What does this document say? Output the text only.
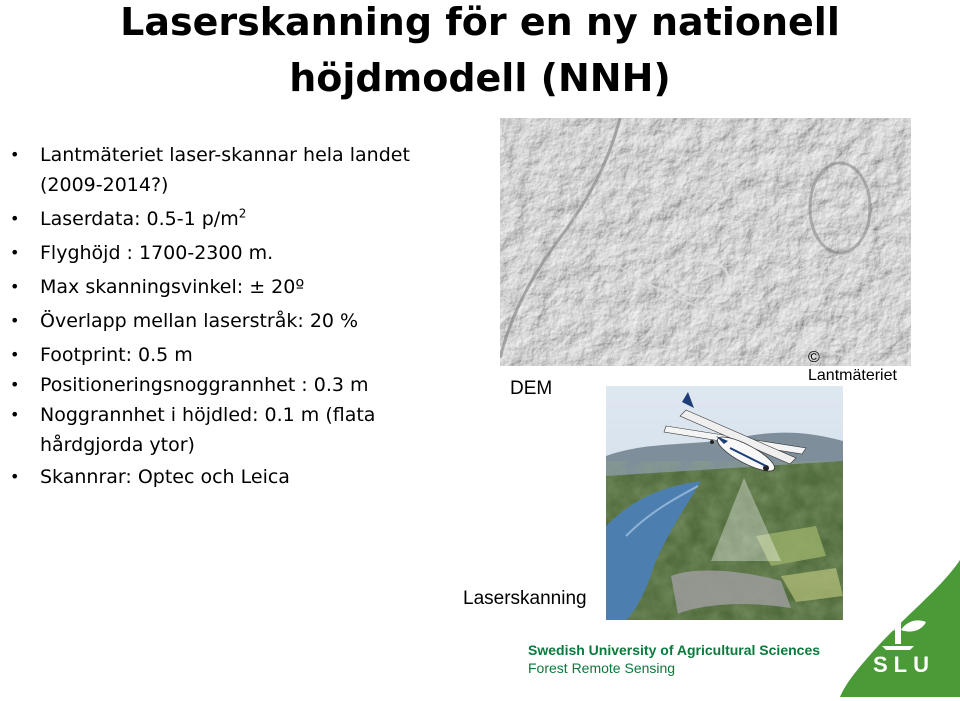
Laserskanning för en ny nationell
höjdmodell (NNH)
• Lantmäteriet laser-skannar hela landet (2009-2014?)
• Laserdata: 0.5-1 $p/m^2$
• Flyghöjd : 1700-2300 m.
• Max skanningsvinkel: ± 20º
• Överlapp mellan laserstråk: 20 %
• Footprint: 0.5 m
• Positioneringsnoggrannhet : 0.3 m
• Noggrannhet i höjdled: 0.1 m (flata hårdgjorda ytor)
• Skannrar: Optec och Leica
DEM
©
Lantmäteriet
Laserskanning
Swedish University of Agricultural Sciences
Forest Remote Sensing	SLU
